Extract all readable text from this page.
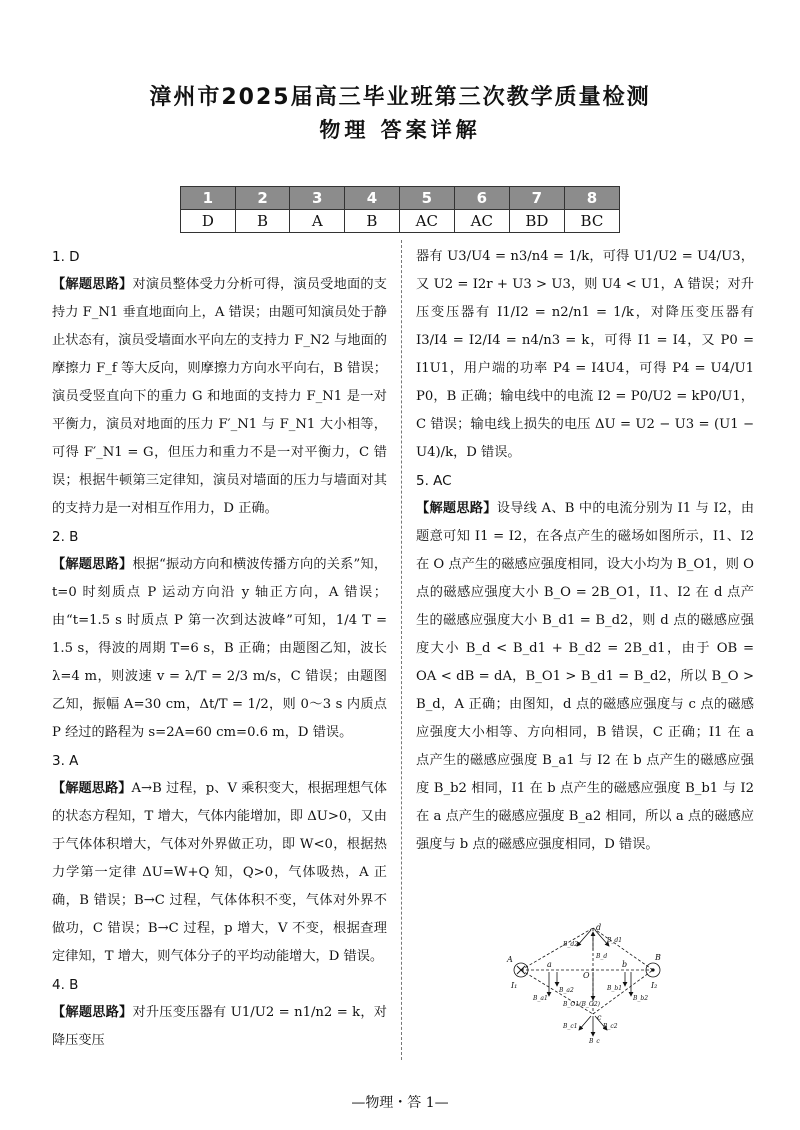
漳州市2025届高三毕业班第三次教学质量检测
物理 答案详解
1	2	3	4	5	6	7	8
D	B	A	B	AC	AC	BD	BC

1. D

【解题思路】对演员整体受力分析可得，演员受地面的支持力 F_N1 垂直地面向上，A 错误；由题可知演员处于静止状态有，演员受墙面水平向左的支持力 F_N2 与地面的摩擦力 F_f 等大反向，则摩擦力方向水平向右，B 错误；演员受竖直向下的重力 G 和地面的支持力 F_N1 是一对平衡力，演员对地面的压力 F′_N1 与 F_N1 大小相等，可得 F′_N1 = G，但压力和重力不是一对平衡力，C 错误；根据牛顿第三定律知，演员对墙面的压力与墙面对其的支持力是一对相互作用力，D 正确。

2. B

【解题思路】根据“振动方向和横波传播方向的关系”知，t=0 时刻质点 P 运动方向沿 y 轴正方向，A 错误；由“t=1.5 s 时质点 P 第一次到达波峰”可知，1/4 T = 1.5 s，得波的周期 T=6 s，B 正确；由题图乙知，波长 λ=4 m，则波速 v = λ/T = 2/3 m/s，C 错误；由题图乙知，振幅 A=30 cm，Δt/T = 1/2，则 0～3 s 内质点 P 经过的路程为 s=2A=60 cm=0.6 m，D 错误。

3. A

【解题思路】A→B 过程，p、V 乘积变大，根据理想气体的状态方程知，T 增大，气体内能增加，即 ΔU>0，又由于气体体积增大，气体对外界做正功，即 W<0，根据热力学第一定律 ΔU=W+Q 知，Q>0，气体吸热，A 正确，B 错误；B→C 过程，气体体积不变，气体对外界不做功，C 错误；B→C 过程，p 增大，V 不变，根据查理定律知，T 增大，则气体分子的平均动能增大，D 错误。

4. B

【解题思路】对升压变压器有 U1/U2 = n1/n2 = k，对降压变压

器有 U3/U4 = n3/n4 = 1/k，可得 U1/U2 = U4/U3，又 U2 = I2r + U3 > U3，则 U4 < U1，A 错误；对升压变压器有 I1/I2 = n2/n1 = 1/k，对降压变压器有 I3/I4 = I2/I4 = n4/n3 = k，可得 I1 = I4，又 P0 = I1U1，用户端的功率 P4 = I4U4，可得 P4 = U4/U1 P0，B 正确；输电线中的电流 I2 = P0/U2 = kP0/U1，C 错误；输电线上损失的电压 ΔU = U2 − U3 = (U1 − U4)/k，D 错误。

5. AC

【解题思路】设导线 A、B 中的电流分别为 I1 与 I2，由题意可知 I1 = I2，在各点产生的磁场如图所示，I1、I2 在 O 点产生的磁感应强度相同，设大小均为 B_O1，则 O 点的磁感应强度大小 B_O = 2B_O1，I1、I2 在 d 点产生的磁感应强度大小 B_d1 = B_d2，则 d 点的磁感应强度大小 B_d < B_d1 + B_d2 = 2B_d1，由于 OB = OA < dB = dA，B_O1 > B_d1 = B_d2，所以 B_O > B_d，A 正确；由图知，d 点的磁感应强度与 c 点的磁感应强度大小相等、方向相同，B 错误，C 正确；I1 在 a 点产生的磁感应强度 B_a1 与 I2 在 b 点产生的磁感应强度 B_b2 相同，I1 在 b 点产生的磁感应强度 B_b1 与 I2 在 a 点产生的磁感应强度 B_a2 相同，所以 a 点的磁感应强度与 b 点的磁感应强度相同，D 错误。

A	B
I₁	I₂
d
a
O
b
c
B_d
B_d1
B_d2
B_a1
B_a2	B_b1
B_b2
B_O1(B_O2)
B_c1	B_c2
B_c
—物理・答 1—
